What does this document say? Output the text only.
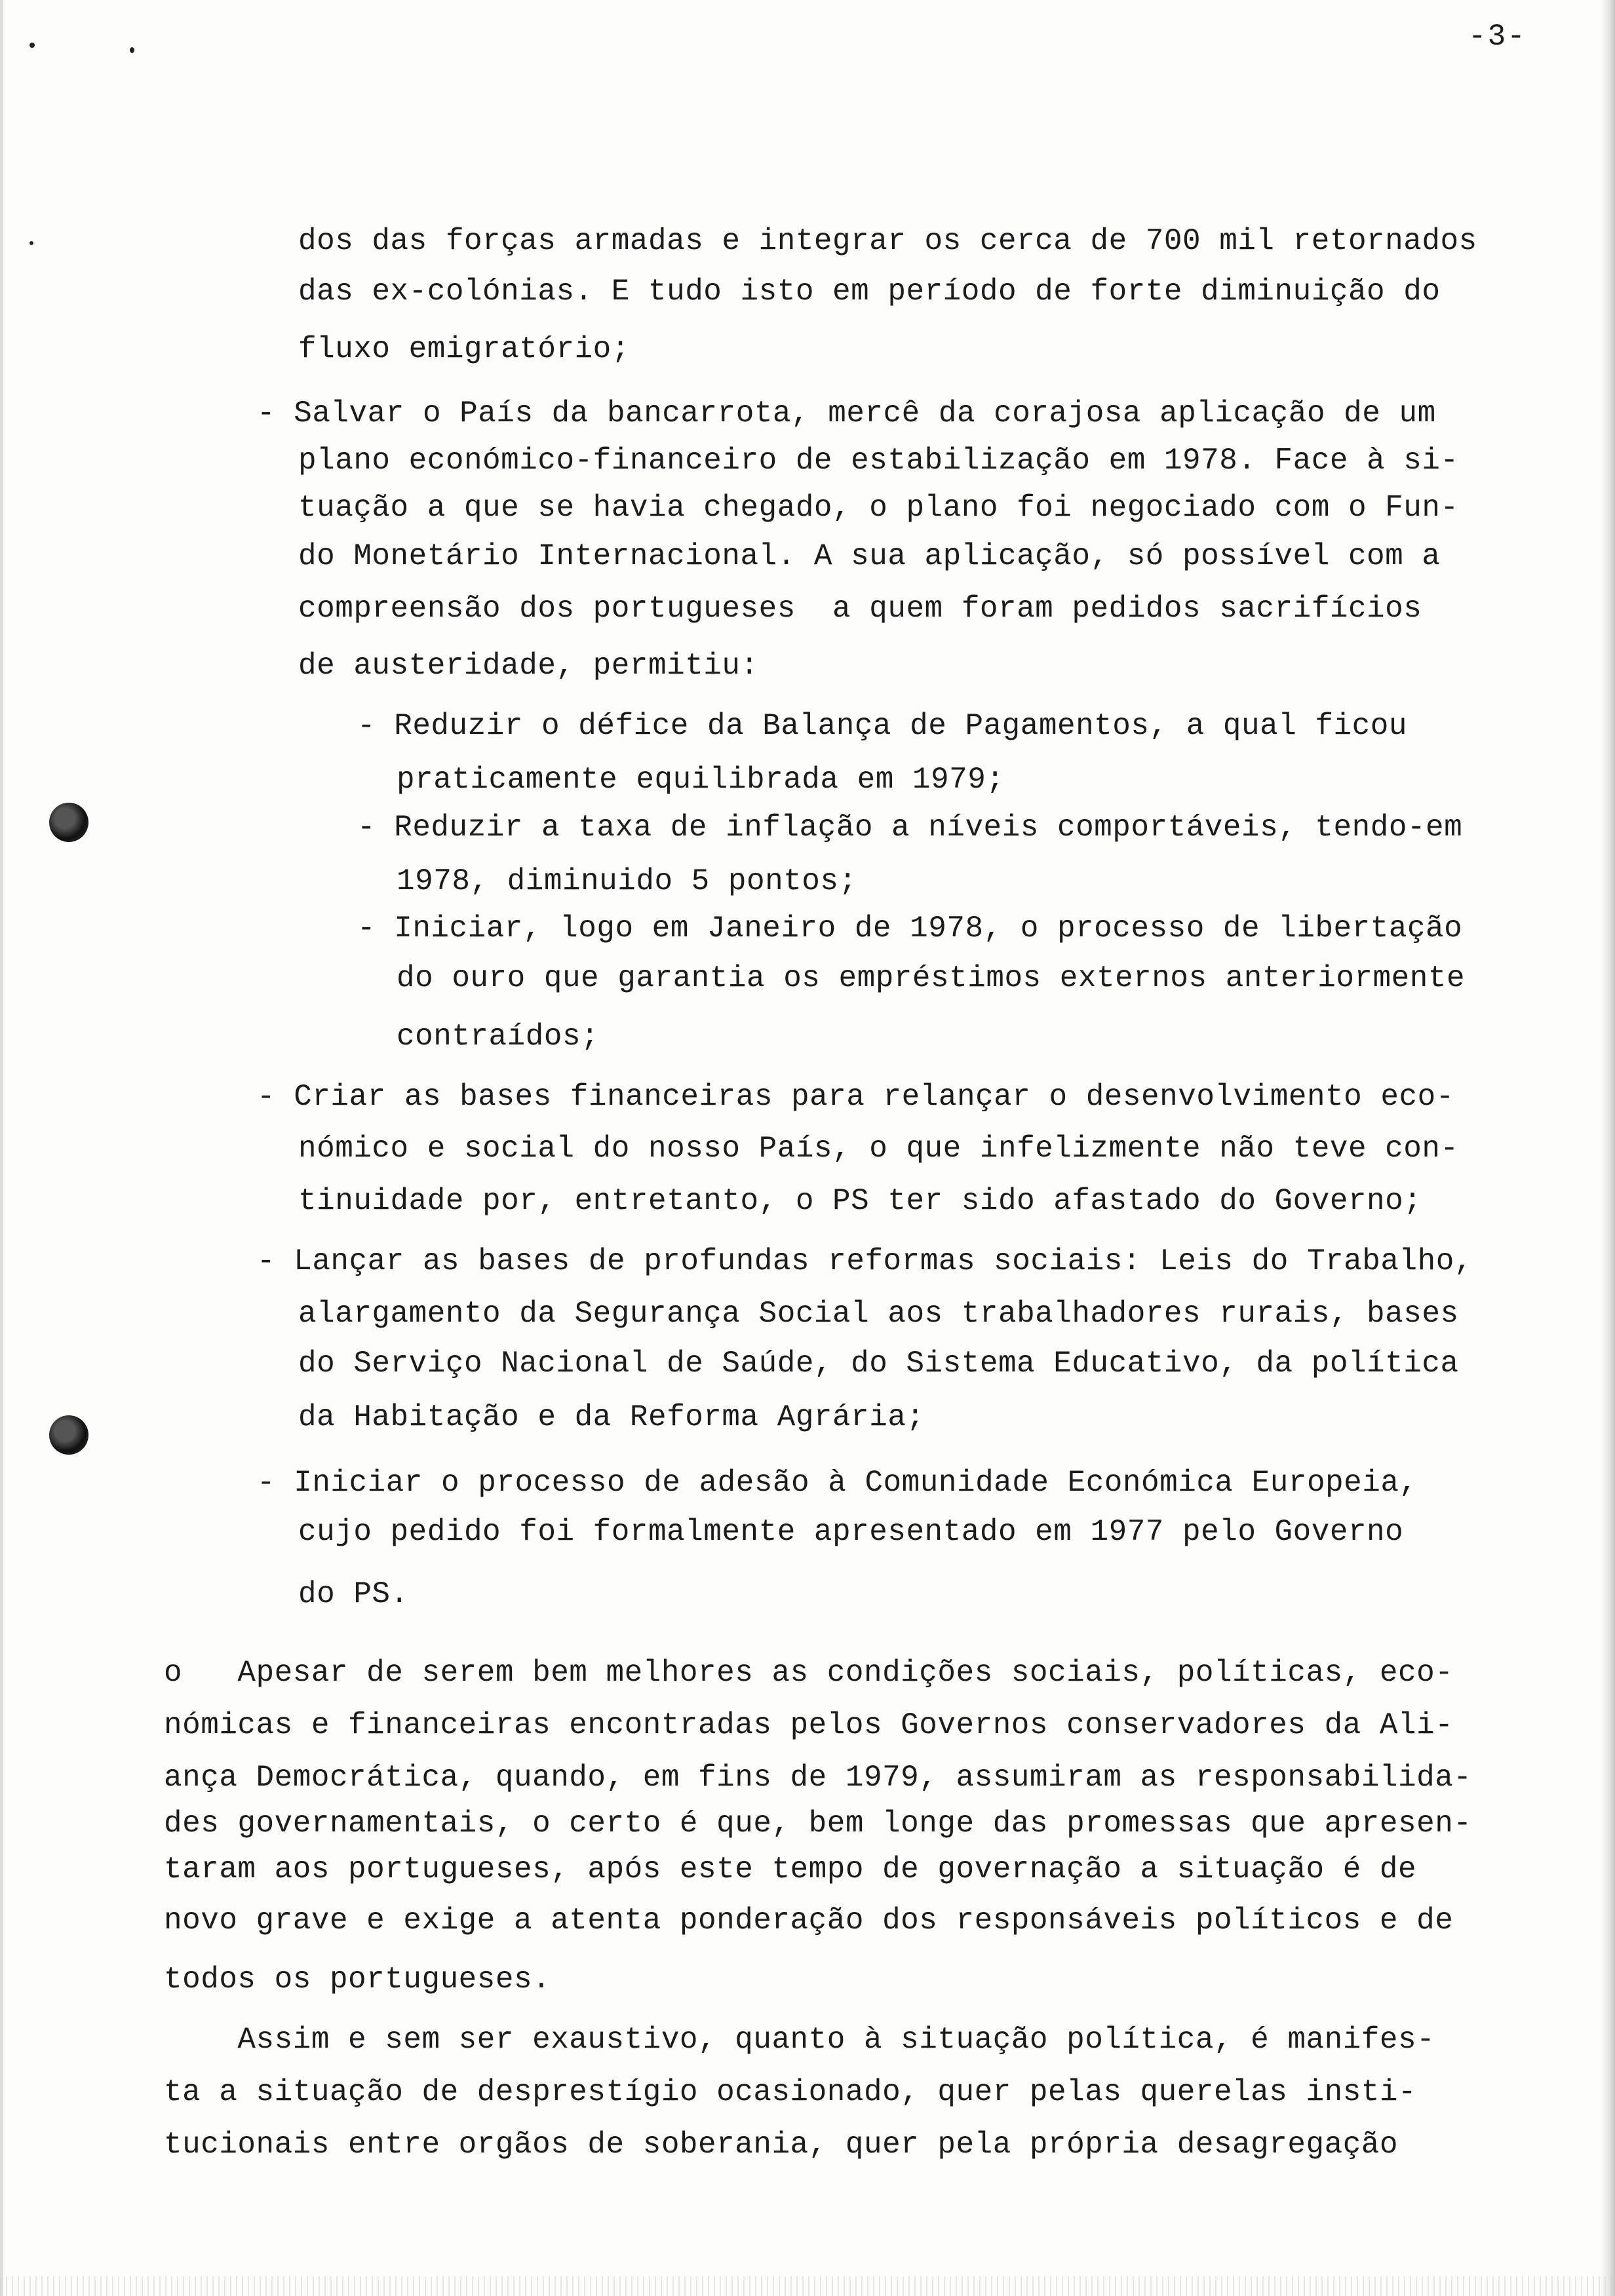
-3-
dos das forças armadas e integrar os cerca de 700 mil retornados
das ex-colónias. E tudo isto em período de forte diminuição do
fluxo emigratório;
- Salvar o País da bancarrota, mercê da corajosa aplicação de um
plano económico-financeiro de estabilização em 1978. Face à si-
tuação a que se havia chegado, o plano foi negociado com o Fun-
do Monetário Internacional. A sua aplicação, só possível com a
compreensão dos portugueses  a quem foram pedidos sacrifícios
de austeridade, permitiu:
- Reduzir o défice da Balança de Pagamentos, a qual ficou
praticamente equilibrada em 1979;
- Reduzir a taxa de inflação a níveis comportáveis, tendo-em
1978, diminuido 5 pontos;
- Iniciar, logo em Janeiro de 1978, o processo de libertação
do ouro que garantia os empréstimos externos anteriormente
contraídos;
- Criar as bases financeiras para relançar o desenvolvimento eco-
nómico e social do nosso País, o que infelizmente não teve con-
tinuidade por, entretanto, o PS ter sido afastado do Governo;
- Lançar as bases de profundas reformas sociais: Leis do Trabalho,
alargamento da Segurança Social aos trabalhadores rurais, bases
do Serviço Nacional de Saúde, do Sistema Educativo, da política
da Habitação e da Reforma Agrária;
- Iniciar o processo de adesão à Comunidade Económica Europeia,
cujo pedido foi formalmente apresentado em 1977 pelo Governo
do PS.
o   Apesar de serem bem melhores as condições sociais, políticas, eco-
nómicas e financeiras encontradas pelos Governos conservadores da Ali-
ança Democrática, quando, em fins de 1979, assumiram as responsabilida-
des governamentais, o certo é que, bem longe das promessas que apresen-
taram aos portugueses, após este tempo de governação a situação é de
novo grave e exige a atenta ponderação dos responsáveis políticos e de
todos os portugueses.
Assim e sem ser exaustivo, quanto à situação política, é manifes-
ta a situação de desprestígio ocasionado, quer pelas querelas insti-
tucionais entre orgãos de soberania, quer pela própria desagregação
